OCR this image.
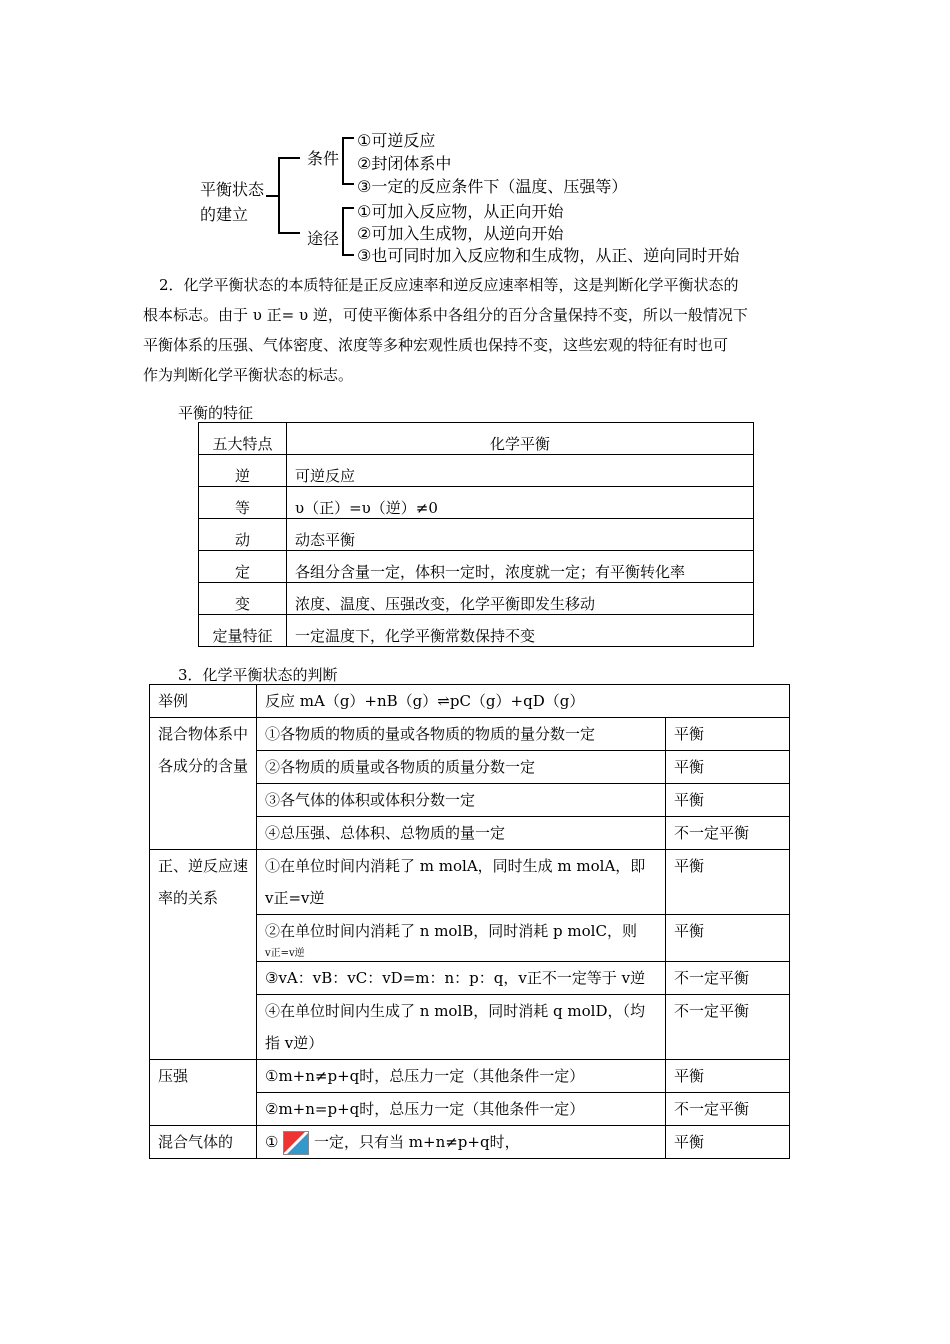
平衡状态
的建立
条件
①可逆反应
②封闭体系中
③一定的反应条件下（温度、压强等）
途径
①可加入反应物，从正向开始
②可加入生成物，从逆向开始
③也可同时加入反应物和生成物，从正、逆向同时开始

2．化学平衡状态的本质特征是正反应速率和逆反应速率相等，这是判断化学平衡状态的

根本标志。由于 υ 正= υ 逆，可使平衡体系中各组分的百分含量保持不变，所以一般情况下

平衡体系的压强、气体密度、浓度等多种宏观性质也保持不变，这些宏观的特征有时也可

作为判断化学平衡状态的标志。

平衡的特征
五大特点	化学平衡
逆	可逆反应
等	υ（正）=υ（逆）≠0
动	动态平衡
定	各组分含量一定，体积一定时，浓度就一定；有平衡转化率
变	浓度、温度、压强改变，化学平衡即发生移动
定量特征	一定温度下，化学平衡常数保持不变
3．化学平衡状态的判断
举例	反应 mA（g）+nB（g）⇌pC（g）+qD（g）	
混合物体系中各成分的含量	①各物质的物质的量或各物质的物质的量分数一定	平衡
	②各物质的质量或各物质的质量分数一定	平衡
	③各气体的体积或体积分数一定	平衡
	④总压强、总体积、总物质的量一定	不一定平衡
正、逆反应速率的关系	①在单位时间内消耗了 m molA，同时生成 m molA，即 v正=v逆	平衡
	②在单位时间内消耗了 n molB，同时消耗 p molC，则
v正=v逆	平衡
	③vA：vB：vC：vD=m：n：p：q，v正不一定等于 v逆	不一定平衡
	④在单位时间内生成了 n molB，同时消耗 q molD，（均指 v逆）	不一定平衡
压强	①m+n≠p+q时，总压力一定（其他条件一定）	平衡
	②m+n=p+q时，总压力一定（其他条件一定）	不一定平衡
混合气体的	① 一定，只有当 m+n≠p+q时，	平衡
